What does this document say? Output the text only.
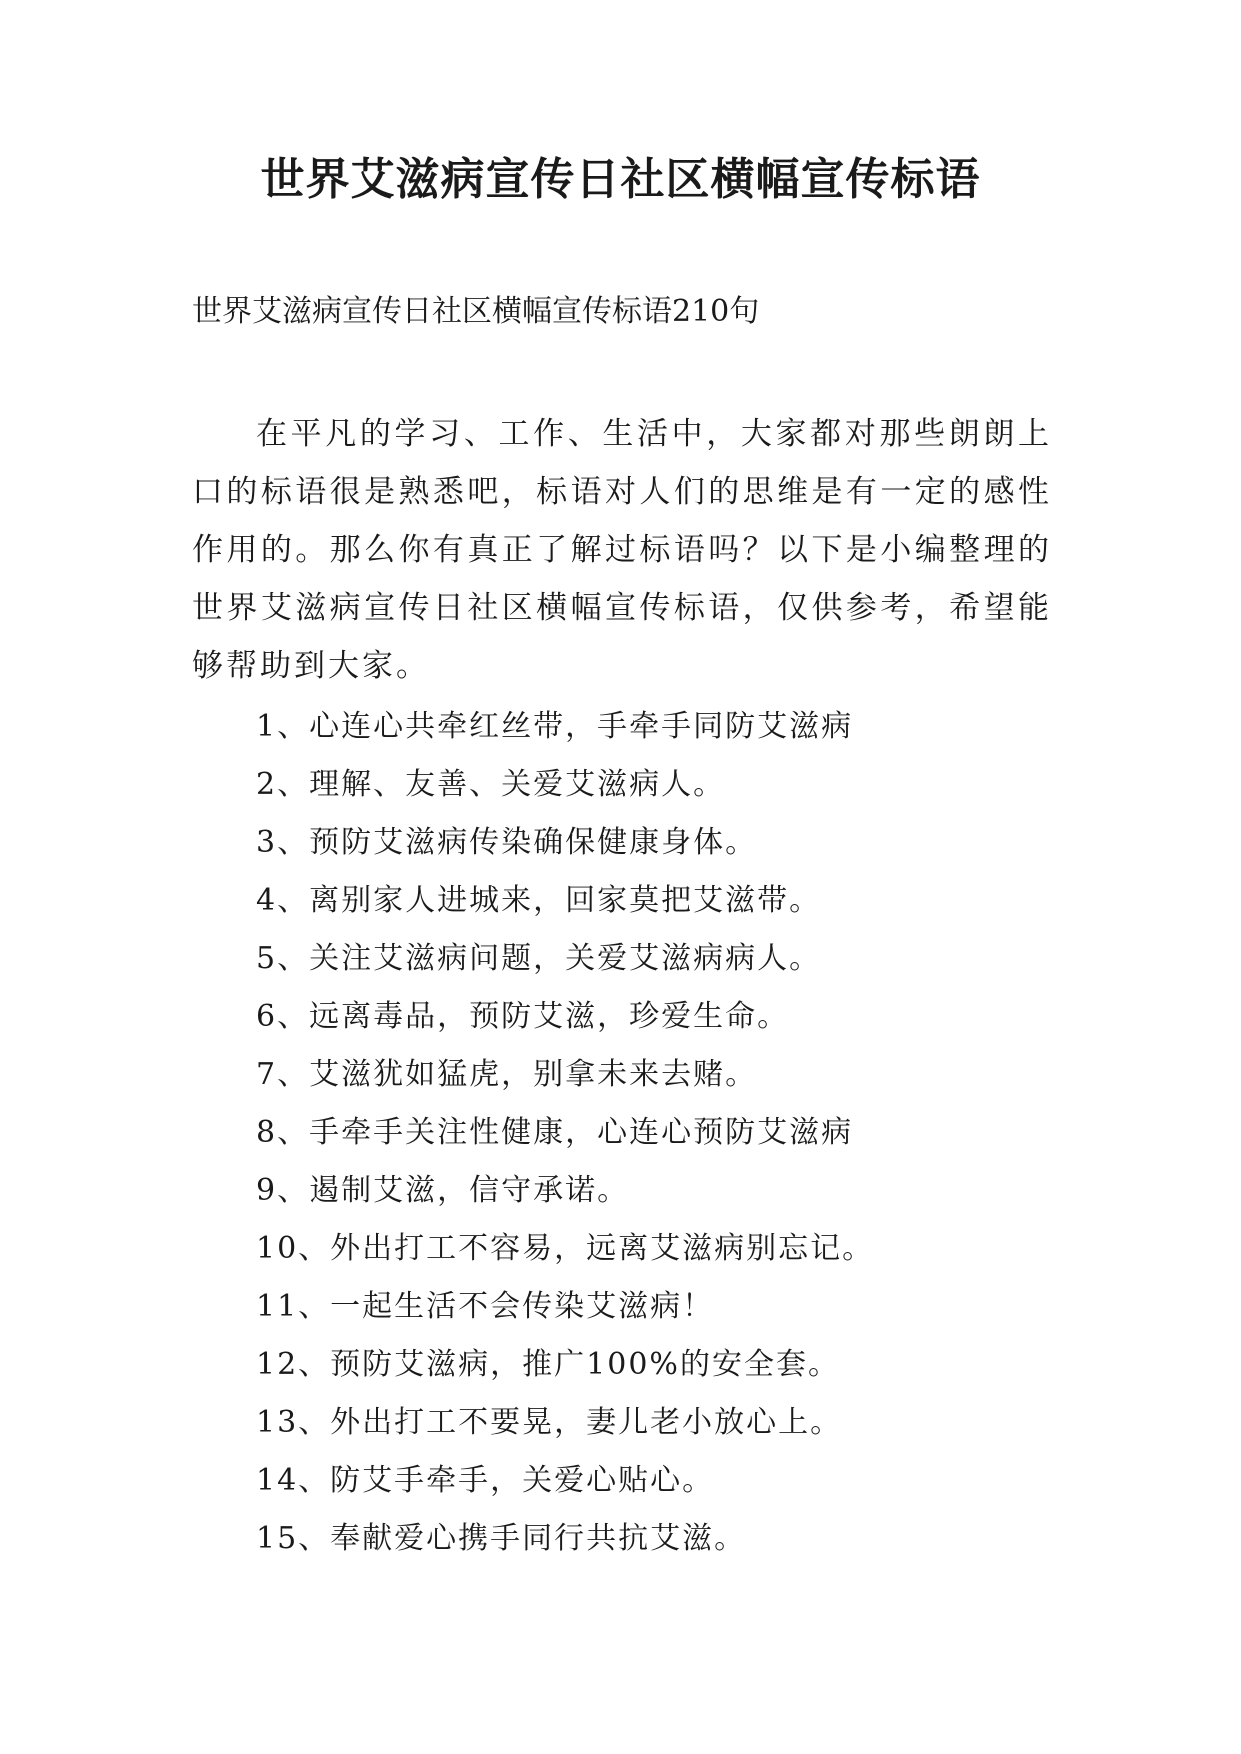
世界艾滋病宣传日社区横幅宣传标语
世界艾滋病宣传日社区横幅宣传标语210句

在平凡的学习、工作、生活中，大家都对那些朗朗上口的标语很是熟悉吧，标语对人们的思维是有一定的感性作用的。那么你有真正了解过标语吗？以下是小编整理的世界艾滋病宣传日社区横幅宣传标语，仅供参考，希望能够帮助到大家。

1、心连心共牵红丝带，手牵手同防艾滋病
2、理解、友善、关爱艾滋病人。
3、预防艾滋病传染确保健康身体。
4、离别家人进城来，回家莫把艾滋带。
5、关注艾滋病问题，关爱艾滋病病人。
6、远离毒品，预防艾滋，珍爱生命。
7、艾滋犹如猛虎，别拿未来去赌。
8、手牵手关注性健康，心连心预防艾滋病
9、遏制艾滋，信守承诺。
10、外出打工不容易，远离艾滋病别忘记。
11、一起生活不会传染艾滋病！
12、预防艾滋病，推广100%的安全套。
13、外出打工不要晃，妻儿老小放心上。
14、防艾手牵手，关爱心贴心。
15、奉献爱心携手同行共抗艾滋。
